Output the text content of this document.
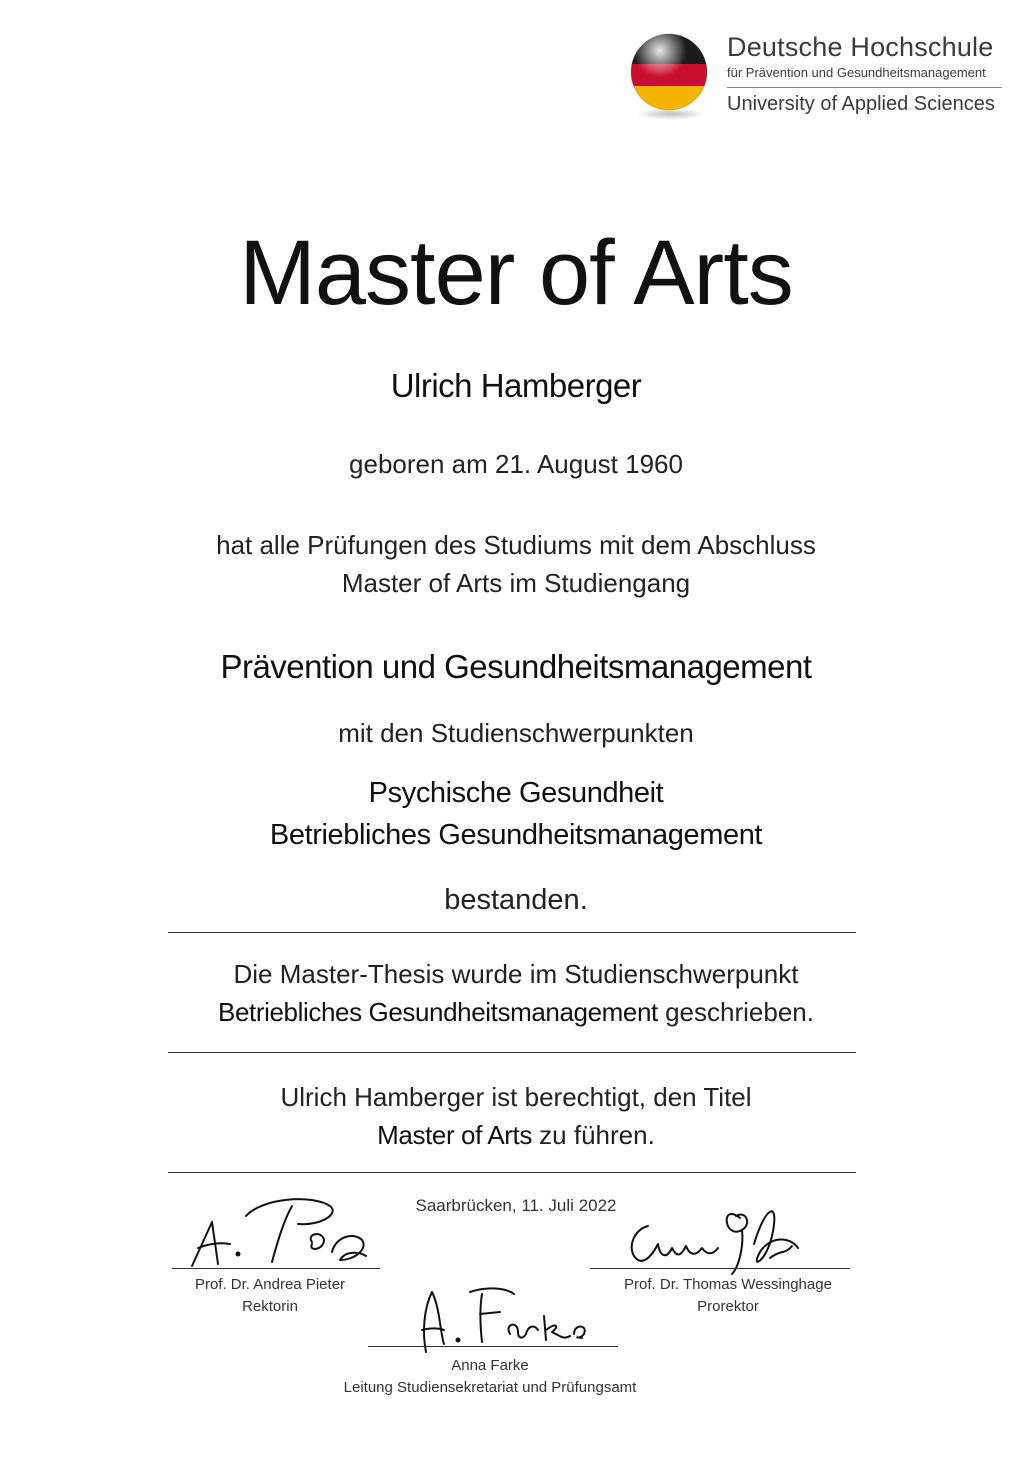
Deutsche Hochschule
für Prävention und Gesundheitsmanagement
University of Applied Sciences
Master of Arts
Ulrich Hamberger
geboren am 21. August 1960
hat alle Prüfungen des Studiums mit dem Abschluss
Master of Arts im Studiengang
Prävention und Gesundheitsmanagement
mit den Studienschwerpunkten
Psychische Gesundheit
Betriebliches Gesundheitsmanagement
bestanden.
Die Master-Thesis wurde im Studienschwerpunkt
Betriebliches Gesundheitsmanagement geschrieben.
Ulrich Hamberger ist berechtigt, den Titel
Master of Arts zu führen.
Saarbrücken, 11. Juli 2022
Prof. Dr. Andrea Pieter
Rektorin
Prof. Dr. Thomas Wessinghage
Prorektor
Anna Farke
Leitung Studiensekretariat und Prüfungsamt
